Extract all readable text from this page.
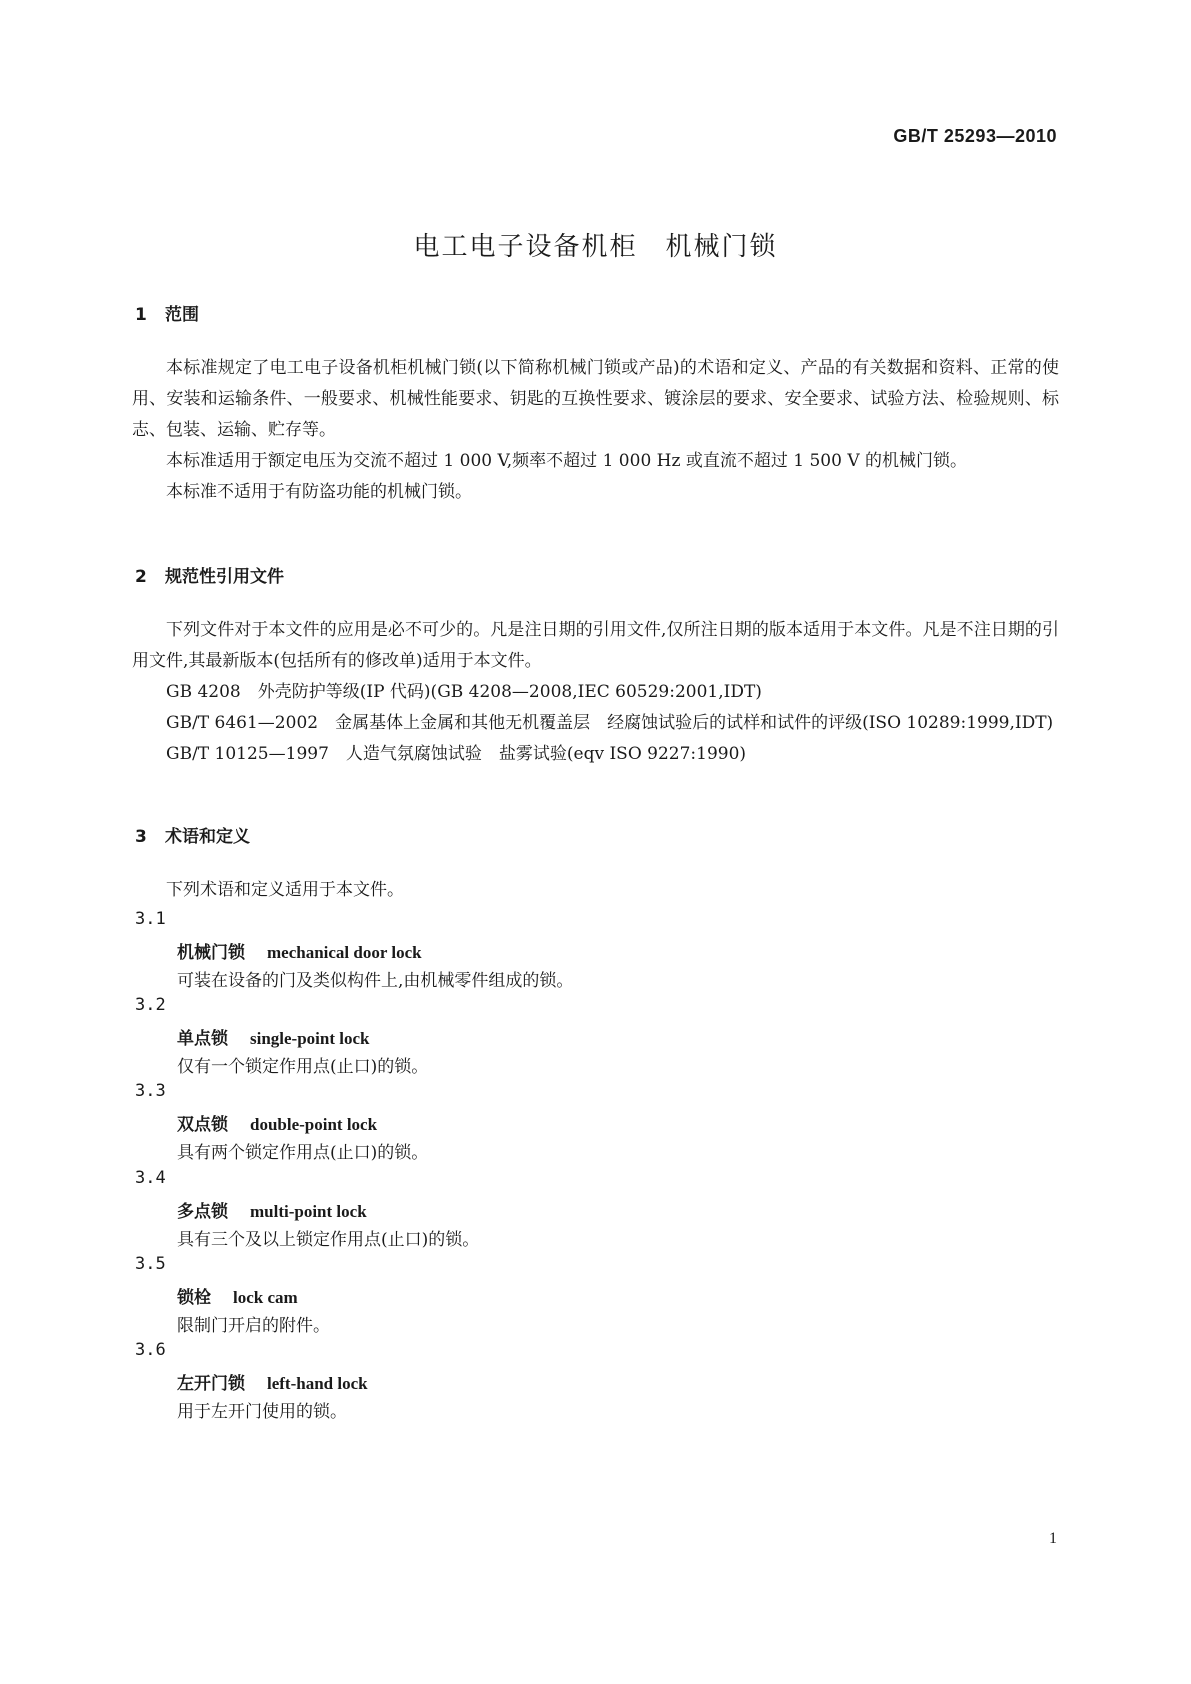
GB/T 25293—2010
电工电子设备机柜　机械门锁
1 范围

本标准规定了电工电子设备机柜机械门锁(以下简称机械门锁或产品)的术语和定义、产品的有关数据和资料、正常的使用、安装和运输条件、一般要求、机械性能要求、钥匙的互换性要求、镀涂层的要求、安全要求、试验方法、检验规则、标志、包装、运输、贮存等。

本标准适用于额定电压为交流不超过 1 000 V,频率不超过 1 000 Hz 或直流不超过 1 500 V 的机械门锁。

本标准不适用于有防盗功能的机械门锁。

2 规范性引用文件

下列文件对于本文件的应用是必不可少的。凡是注日期的引用文件,仅所注日期的版本适用于本文件。凡是不注日期的引用文件,其最新版本(包括所有的修改单)适用于本文件。

GB 4208　外壳防护等级(IP 代码)(GB 4208—2008,IEC 60529:2001,IDT)

GB/T 6461—2002　金属基体上金属和其他无机覆盖层　经腐蚀试验后的试样和试件的评级(ISO 10289:1999,IDT)

GB/T 10125—1997　人造气氛腐蚀试验　盐雾试验(eqv ISO 9227:1990)

3 术语和定义

下列术语和定义适用于本文件。

3.1
机械门锁 mechanical door lock
可装在设备的门及类似构件上,由机械零件组成的锁。
3.2
单点锁 single-point lock
仅有一个锁定作用点(止口)的锁。
3.3
双点锁 double-point lock
具有两个锁定作用点(止口)的锁。
3.4
多点锁 multi-point lock
具有三个及以上锁定作用点(止口)的锁。
3.5
锁栓 lock cam
限制门开启的附件。
3.6
左开门锁 left-hand lock
用于左开门使用的锁。
1
